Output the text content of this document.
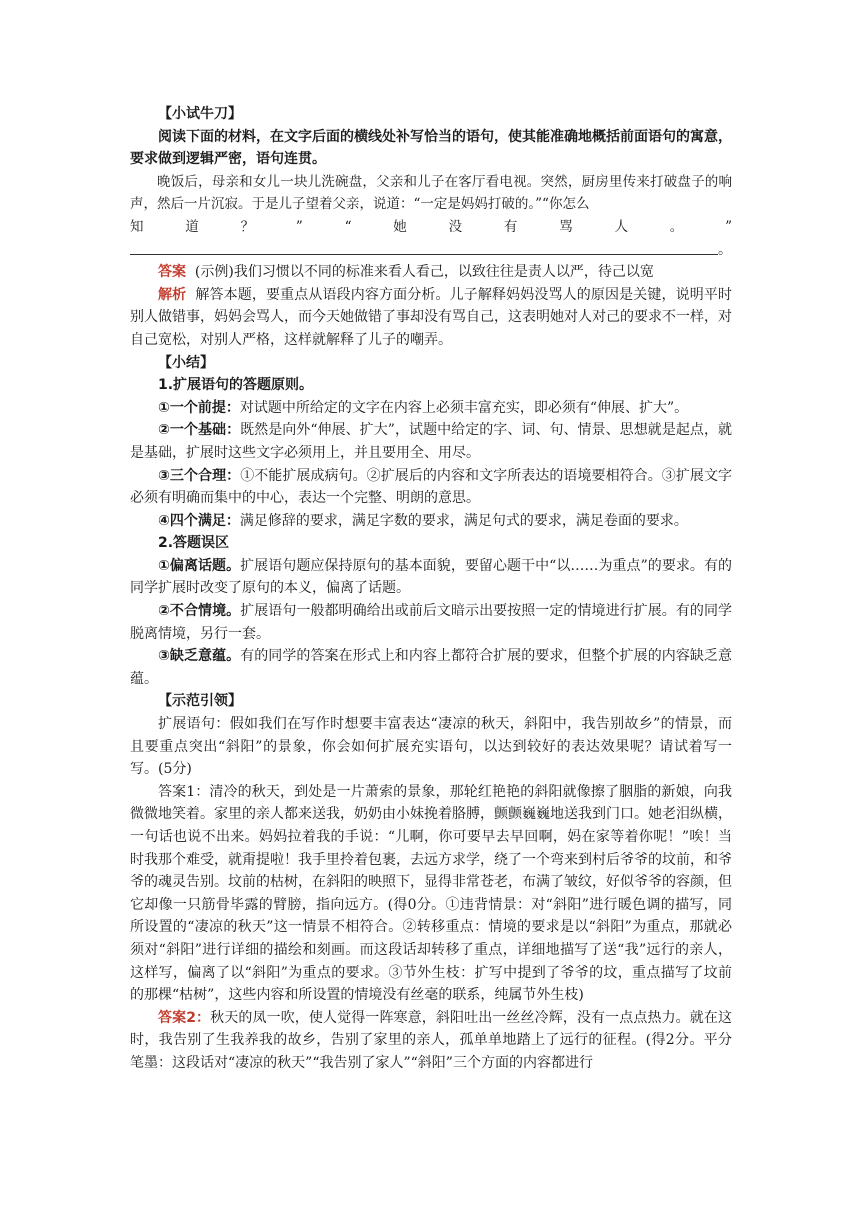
【小试牛刀】

阅读下面的材料，在文字后面的横线处补写恰当的语句，使其能准确地概括前面语句的寓意，要求做到逻辑严密，语句连贯。

晚饭后，母亲和女儿一块儿洗碗盘，父亲和儿子在客厅看电视。突然，厨房里传来打破盘子的响声，然后一片沉寂。于是儿子望着父亲，说道：“一定是妈妈打破的。”“你怎么

知	道	？	”	“	她	没	有	骂	人	。	”
。

答案 (示例)我们习惯以不同的标准来看人看己，以致往往是责人以严，待己以宽

解析 解答本题，要重点从语段内容方面分析。儿子解释妈妈没骂人的原因是关键，说明平时别人做错事，妈妈会骂人，而今天她做错了事却没有骂自己，这表明她对人对己的要求不一样，对自己宽松，对别人严格，这样就解释了儿子的嘲弄。

【小结】

1.扩展语句的答题原则。

①一个前提：对试题中所给定的文字在内容上必须丰富充实，即必须有“伸展、扩大”。

②一个基础：既然是向外“伸展、扩大”，试题中给定的字、词、句、情景、思想就是起点，就是基础，扩展时这些文字必须用上，并且要用全、用尽。

③三个合理：①不能扩展成病句。②扩展后的内容和文字所表达的语境要相符合。③扩展文字必须有明确而集中的中心，表达一个完整、明朗的意思。

④四个满足：满足修辞的要求，满足字数的要求，满足句式的要求，满足卷面的要求。

2.答题误区

①偏离话题。扩展语句题应保持原句的基本面貌，要留心题干中“以……为重点”的要求。有的同学扩展时改变了原句的本义，偏离了话题。

②不合情境。扩展语句一般都明确给出或前后文暗示出要按照一定的情境进行扩展。有的同学脱离情境，另行一套。

③缺乏意蕴。有的同学的答案在形式上和内容上都符合扩展的要求，但整个扩展的内容缺乏意蕴。

【示范引领】

扩展语句：假如我们在写作时想要丰富表达“凄凉的秋天，斜阳中，我告别故乡”的情景，而且要重点突出“斜阳”的景象，你会如何扩展充实语句，以达到较好的表达效果呢？请试着写一写。(5分)

答案1：清冷的秋天，到处是一片萧索的景象，那轮红艳艳的斜阳就像擦了胭脂的新娘，向我微微地笑着。家里的亲人都来送我，奶奶由小妹挽着胳膊，颤颤巍巍地送我到门口。她老泪纵横，一句话也说不出来。妈妈拉着我的手说：“儿啊，你可要早去早回啊，妈在家等着你呢！”唉！当时我那个难受，就甭提啦！我手里拎着包裹，去远方求学，绕了一个弯来到村后爷爷的坟前，和爷爷的魂灵告别。坟前的枯树，在斜阳的映照下，显得非常苍老，布满了皱纹，好似爷爷的容颜，但它却像一只筋骨毕露的臂膀，指向远方。(得0分。①违背情景：对“斜阳”进行暖色调的描写，同所设置的“凄凉的秋天”这一情景不相符合。②转移重点：情境的要求是以“斜阳”为重点，那就必须对“斜阳”进行详细的描绘和刻画。而这段话却转移了重点，详细地描写了送“我”远行的亲人，这样写，偏离了以“斜阳”为重点的要求。③节外生枝：扩写中提到了爷爷的坟，重点描写了坟前的那棵“枯树”，这些内容和所设置的情境没有丝毫的联系，纯属节外生枝)

答案2：秋天的凤一吹，使人觉得一阵寒意，斜阳吐出一丝丝冷辉，没有一点点热力。就在这时，我告别了生我养我的故乡，告别了家里的亲人，孤单单地踏上了远行的征程。(得2分。平分笔墨：这段话对“凄凉的秋天”“我告别了家人”“斜阳”三个方面的内容都进行
